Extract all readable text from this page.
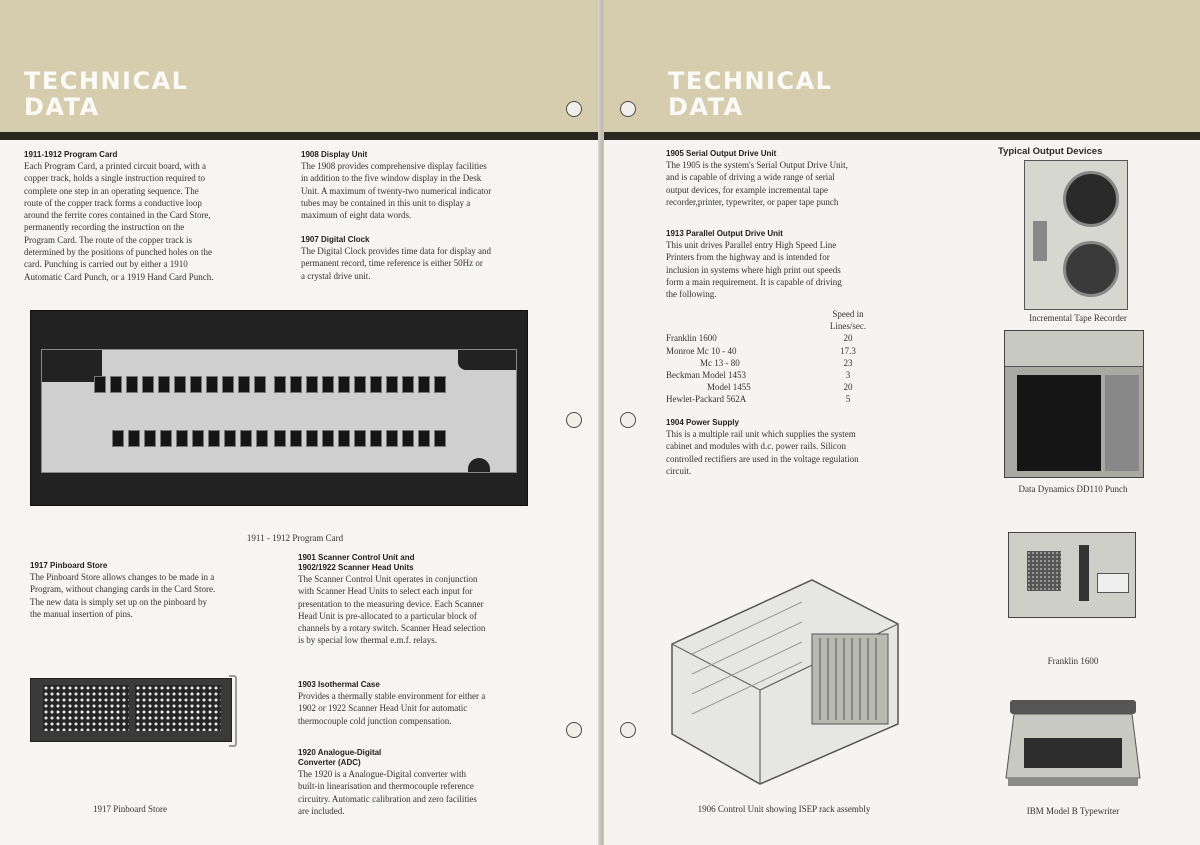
TECHNICAL
DATA
1911-1912 Program Card
Each Program Card, a printed circuit board, with a
copper track, holds a single instruction required to
complete one step in an operating sequence. The
route of the copper track forms a conductive loop
around the ferrite cores contained in the Card Store,
permanently recording the instruction on the
Program Card. The route of the copper track is
determined by the positions of punched holes on the
card. Punching is carried out by either a 1910
Automatic Card Punch, or a 1919 Hand Card Punch.
1908 Display Unit
The 1908 provides comprehensive display facilities
in addition to the five window display in the Desk
Unit. A maximum of twenty-two numerical indicator
tubes may be contained in this unit to display a
maximum of eight data words.
1907 Digital Clock
The Digital Clock provides time data for display and
permanent record, time reference is either 50Hz or
a crystal drive unit.
1911 - 1912 Program Card
1917 Pinboard Store
The Pinboard Store allows changes to be made in a
Program, without changing cards in the Card Store.
The new data is simply set up on the pinboard by
the manual insertion of pins.
1901 Scanner Control Unit and
1902/1922 Scanner Head Units
The Scanner Control Unit operates in conjunction
with Scanner Head Units to select each input for
presentation to the measuring device. Each Scanner
Head Unit is pre-allocated to a particular block of
channels by a rotary switch. Scanner Head selection
is by special low thermal e.m.f. relays.
1903 Isothermal Case
Provides a thermally stable environment for either a
1902 or 1922 Scanner Head Unit for automatic
thermocouple cold junction compensation.
1920 Analogue-Digital
Converter (ADC)
The 1920 is a Analogue-Digital converter with
built-in linearisation and thermocouple reference
circuitry. Automatic calibration and zero facilities
are included.
1917 Pinboard Store
TECHNICAL
DATA
1905 Serial Output Drive Unit
The 1905 is the system's Serial Output Drive Unit,
and is capable of driving a wide range of serial
output devices, for example incremental tape
recorder,printer, typewriter, or paper tape punch
1913 Parallel Output Drive Unit
This unit drives Parallel entry High Speed Line
Printers from the highway and is intended for
inclusion in systems where high print out speeds
form a main requirement. It is capable of driving
the following.
Speed in
Lines/sec.
Franklin 1600	20
Monroe Mc 10 - 40	17.3
Mc 13 - 80	23
Beckman Model 1453	3
Model 1455	20
Hewlet-Packard 562A	5
1904 Power Supply
This is a multiple rail unit which supplies the system
cabinet and modules with d.c. power rails. Silicon
controlled rectifiers are used in the voltage regulation
circuit.
Typical Output Devices
Incremental Tape Recorder
Data Dynamics DD110 Punch
Franklin 1600
IBM Model B Typewriter
1906 Control Unit showing ISEP rack assembly
